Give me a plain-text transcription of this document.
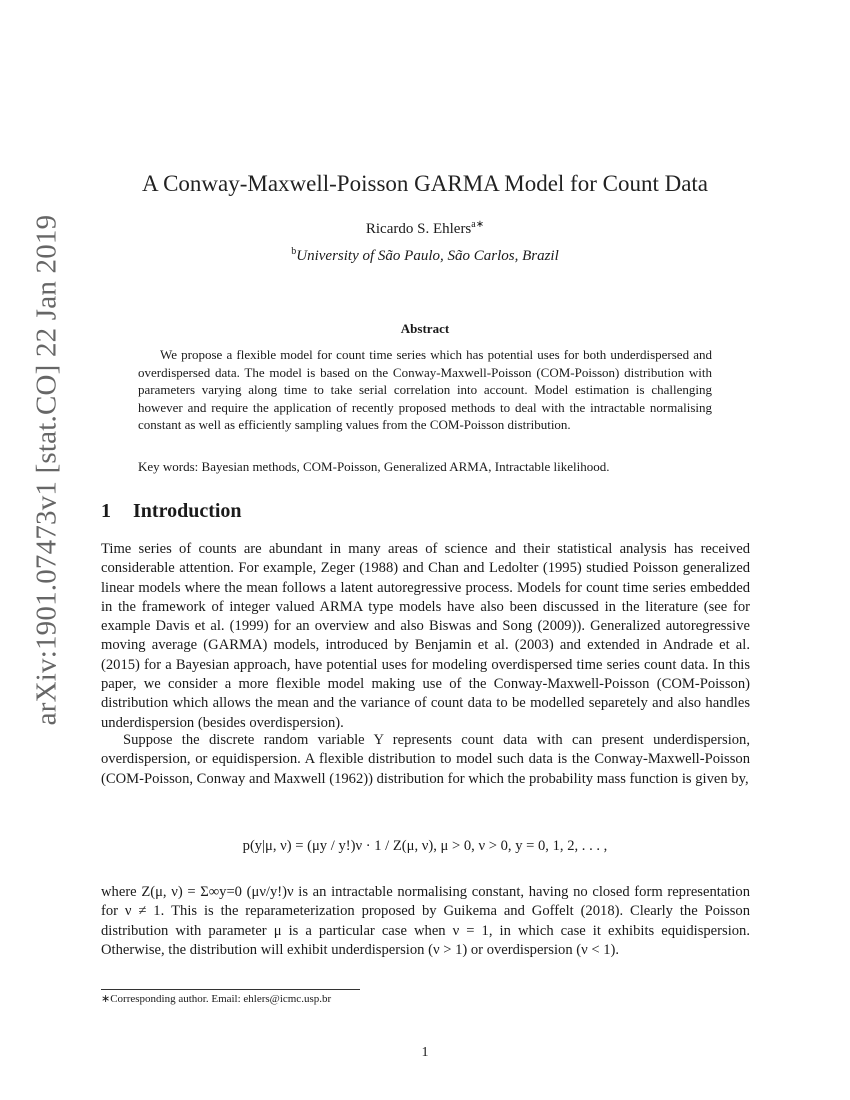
arXiv:1901.07473v1 [stat.CO] 22 Jan 2019
A Conway-Maxwell-Poisson GARMA Model for Count Data
Ricardo S. Ehlers$^{a∗}$
$^b$University of São Paulo, São Carlos, Brazil
Abstract
We propose a flexible model for count time series which has potential uses for both underdispersed and overdispersed data. The model is based on the Conway-Maxwell-Poisson (COM-Poisson) distribution with parameters varying along time to take serial correlation into account. Model estimation is challenging however and require the application of recently proposed methods to deal with the intractable normalising constant as well as efficiently sampling values from the COM-Poisson distribution.
Key words: Bayesian methods, COM-Poisson, Generalized ARMA, Intractable likelihood.
1 Introduction
Time series of counts are abundant in many areas of science and their statistical analysis has received considerable attention. For example, Zeger (1988) and Chan and Ledolter (1995) studied Poisson generalized linear models where the mean follows a latent autoregressive process. Models for count time series embedded in the framework of integer valued ARMA type models have also been discussed in the literature (see for example Davis et al. (1999) for an overview and also Biswas and Song (2009)). Generalized autoregressive moving average (GARMA) models, introduced by Benjamin et al. (2003) and extended in Andrade et al. (2015) for a Bayesian approach, have potential uses for modeling overdispersed time series count data. In this paper, we consider a more flexible model making use of the Conway-Maxwell-Poisson (COM-Poisson) distribution which allows the mean and the variance of count data to be modelled separetely and also handles underdispersion (besides overdispersion).
Suppose the discrete random variable Y represents count data with can present underdispersion, overdispersion, or equidispersion. A flexible distribution to model such data is the Conway-Maxwell-Poisson (COM-Poisson, Conway and Maxwell (1962)) distribution for which the probability mass function is given by,
p(y|μ, ν) = (μy / y!)ν · 1 / Z(μ, ν), μ > 0, ν > 0, y = 0, 1, 2, . . . ,
where Z(μ, ν) = Σ∞y=0 (μν/y!)ν is an intractable normalising constant, having no closed form representation for ν ≠ 1. This is the reparameterization proposed by Guikema and Goffelt (2018). Clearly the Poisson distribution with parameter μ is a particular case when ν = 1, in which case it exhibits equidispersion. Otherwise, the distribution will exhibit underdispersion (ν > 1) or overdispersion (ν < 1).
∗Corresponding author. Email: ehlers@icmc.usp.br
1
